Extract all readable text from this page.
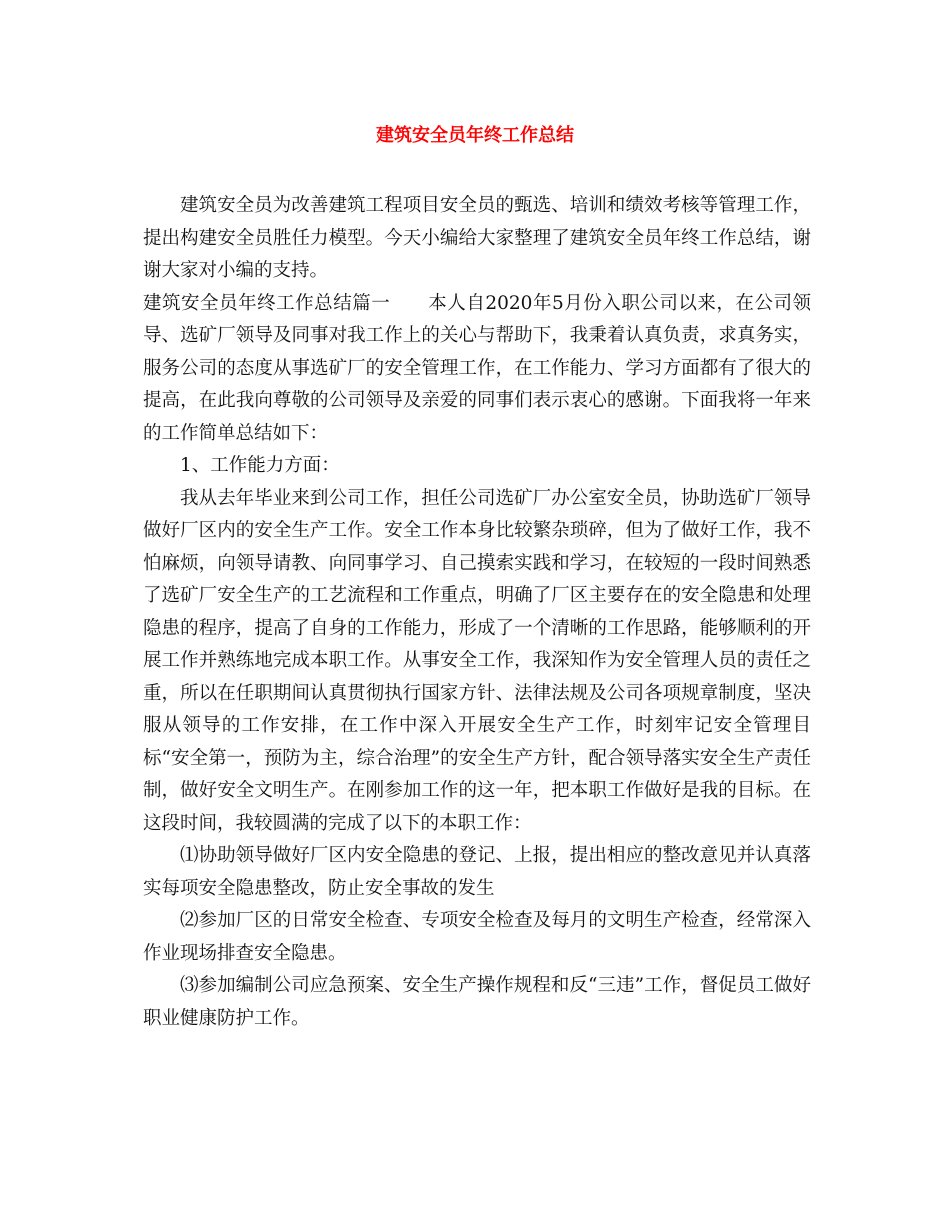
建筑安全员年终工作总结

建筑安全员为改善建筑工程项目安全员的甄选、培训和绩效考核等管理工作，提出构建安全员胜任力模型。今天小编给大家整理了建筑安全员年终工作总结，谢谢大家对小编的支持。

建筑安全员年终工作总结篇一　　本人自2020年5月份入职公司以来，在公司领导、选矿厂领导及同事对我工作上的关心与帮助下，我秉着认真负责，求真务实，服务公司的态度从事选矿厂的安全管理工作，在工作能力、学习方面都有了很大的提高，在此我向尊敬的公司领导及亲爱的同事们表示衷心的感谢。下面我将一年来的工作简单总结如下：

1、工作能力方面：

我从去年毕业来到公司工作，担任公司选矿厂办公室安全员，协助选矿厂领导做好厂区内的安全生产工作。安全工作本身比较繁杂琐碎，但为了做好工作，我不怕麻烦，向领导请教、向同事学习、自己摸索实践和学习，在较短的一段时间熟悉了选矿厂安全生产的工艺流程和工作重点，明确了厂区主要存在的安全隐患和处理隐患的程序，提高了自身的工作能力，形成了一个清晰的工作思路，能够顺利的开展工作并熟练地完成本职工作。从事安全工作，我深知作为安全管理人员的责任之重，所以在任职期间认真贯彻执行国家方针、法律法规及公司各项规章制度，坚决服从领导的工作安排，在工作中深入开展安全生产工作，时刻牢记安全管理目标“安全第一，预防为主，综合治理”的安全生产方针，配合领导落实安全生产责任制，做好安全文明生产。在刚参加工作的这一年，把本职工作做好是我的目标。在这段时间，我较圆满的完成了以下的本职工作：

⑴协助领导做好厂区内安全隐患的登记、上报，提出相应的整改意见并认真落实每项安全隐患整改，防止安全事故的发生

⑵参加厂区的日常安全检查、专项安全检查及每月的文明生产检查，经常深入作业现场排查安全隐患。

⑶参加编制公司应急预案、安全生产操作规程和反“三违”工作，督促员工做好职业健康防护工作。
